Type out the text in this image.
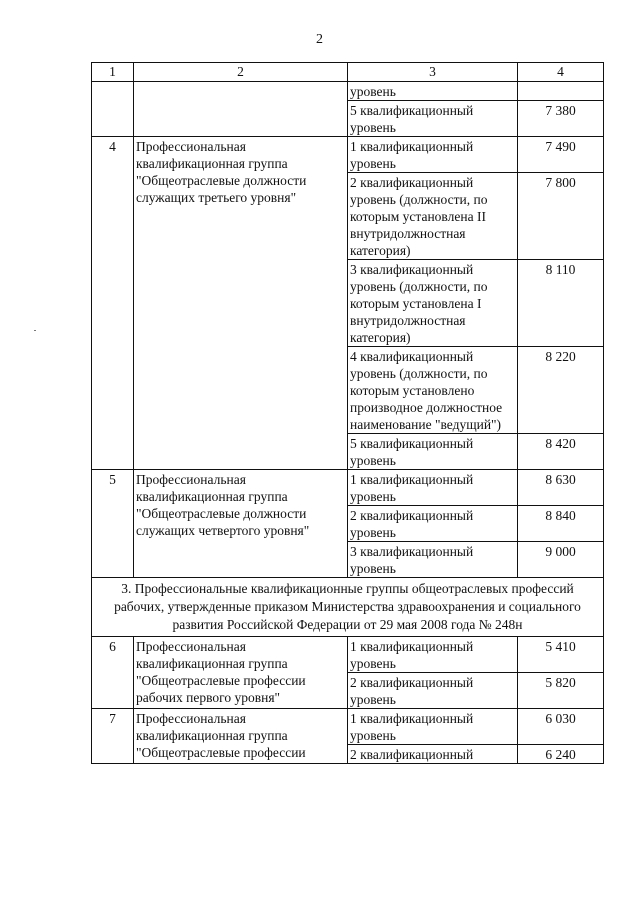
2
1	2	3	4
		уровень	
		5 квалификационный уровень	7 380
4	Профессиональная квалификационная группа "Общеотраслевые должности служащих третьего уровня"	1 квалификационный уровень	7 490
		2 квалификационный уровень (должности, по которым установлена II внутридолжностная категория)	7 800
		3 квалификационный уровень (должности, по которым установлена I внутридолжностная категория)	8 110
		4 квалификационный уровень (должности, по которым установлено производное должностное наименование "ведущий")	8 220
		5 квалификационный уровень	8 420
5	Профессиональная квалификационная группа "Общеотраслевые должности служащих четвертого уровня"	1 квалификационный уровень	8 630
		2 квалификационный уровень	8 840
		3 квалификационный уровень	9 000
3. Профессиональные квалификационные группы общеотраслевых профессий рабочих, утвержденные приказом Министерства здравоохранения и социального развития Российской Федерации от 29 мая 2008 года № 248н			
6	Профессиональная квалификационная группа "Общеотраслевые профессии рабочих первого уровня"	1 квалификационный уровень	5 410
		2 квалификационный уровень	5 820
7	Профессиональная квалификационная группа "Общеотраслевые профессии	1 квалификационный уровень	6 030
		2 квалификационный	6 240
